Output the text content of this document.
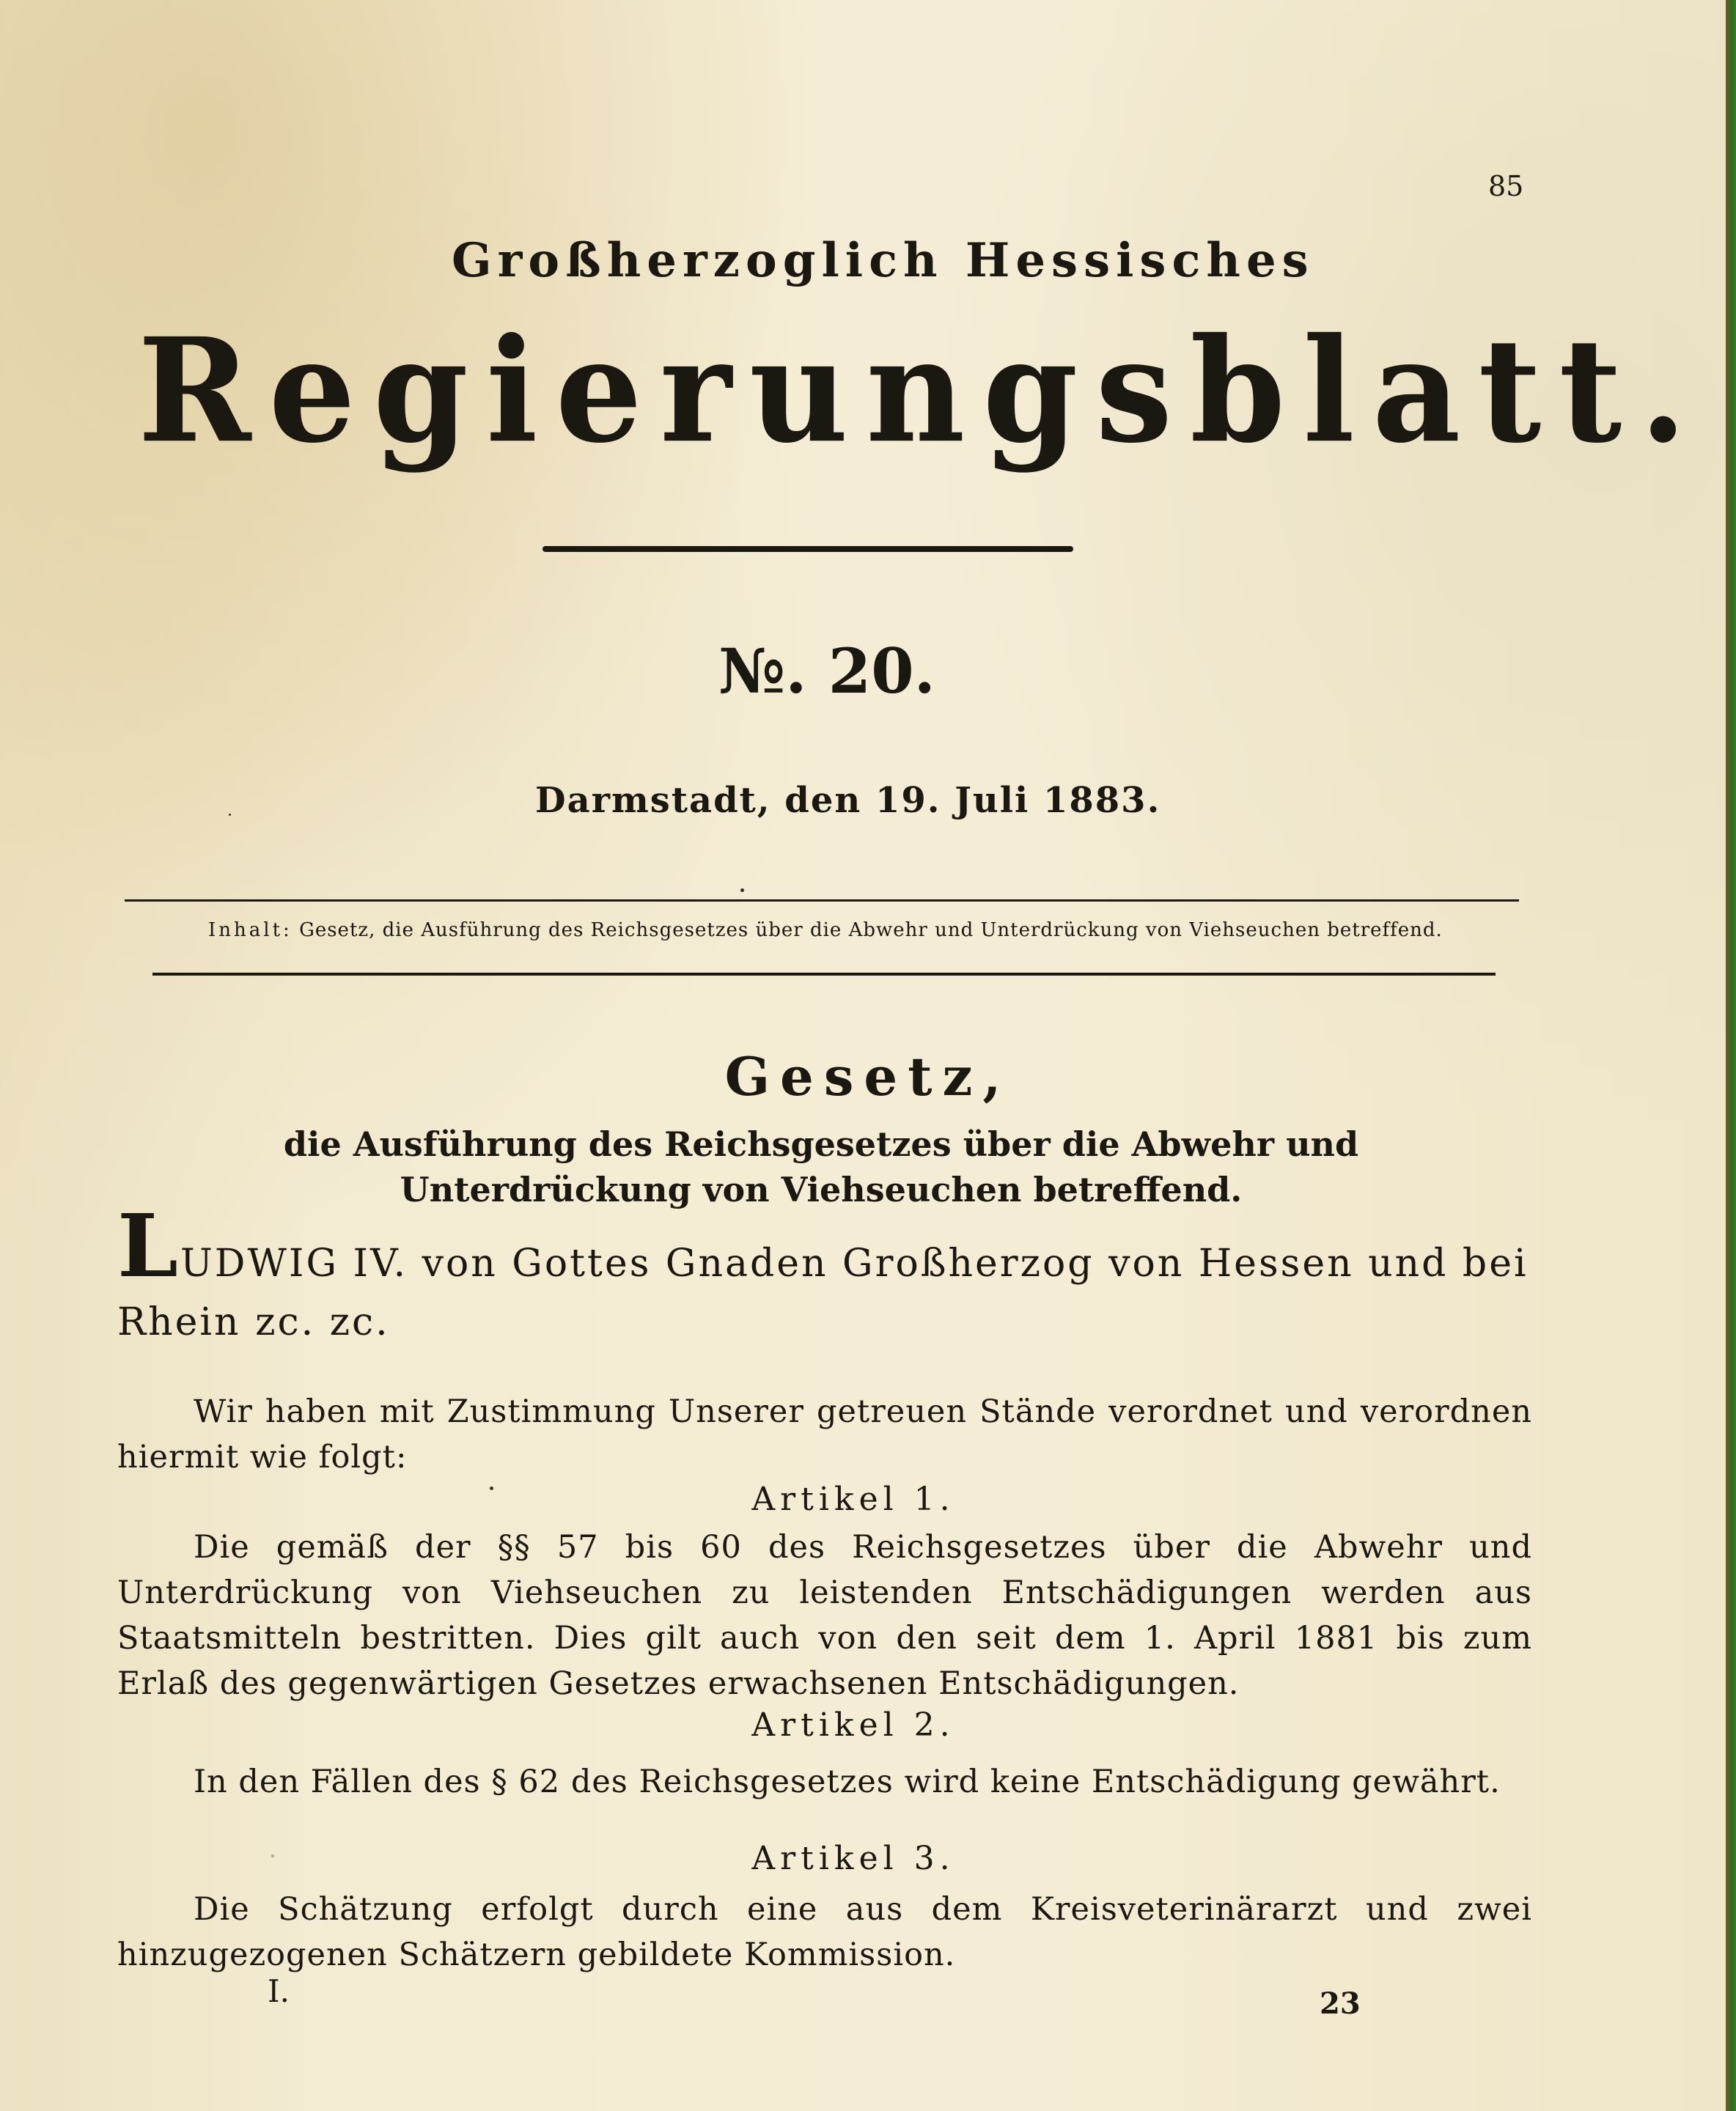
85
Großherzoglich Hessisches
Regierungsblatt.
№. 20.
Darmstadt, den 19. Juli 1883.
Inhalt: Gesetz, die Ausführung des Reichsgesetzes über die Abwehr und Unterdrückung von Viehseuchen betreffend.
Gesetz,
die Ausführung des Reichsgesetzes über die Abwehr und Unterdrückung von Viehseuchen betreffend.
LUDWIG IV. von Gottes Gnaden Großherzog von Hessen und bei Rhein zc. zc.
Wir haben mit Zustimmung Unserer getreuen Stände verordnet und verordnen hiermit wie folgt:
Artikel 1.
Die gemäß der §§ 57 bis 60 des Reichsgesetzes über die Abwehr und Unterdrückung von Viehseuchen zu leistenden Entschädigungen werden aus Staatsmitteln bestritten. Dies gilt auch von den seit dem 1. April 1881 bis zum Erlaß des gegenwärtigen Gesetzes erwachsenen Entschädigungen.
Artikel 2.
In den Fällen des § 62 des Reichsgesetzes wird keine Entschädigung gewährt.
Artikel 3.
Die Schätzung erfolgt durch eine aus dem Kreisveterinärarzt und zwei hinzugezogenen Schätzern gebildete Kommission.
I.	23
